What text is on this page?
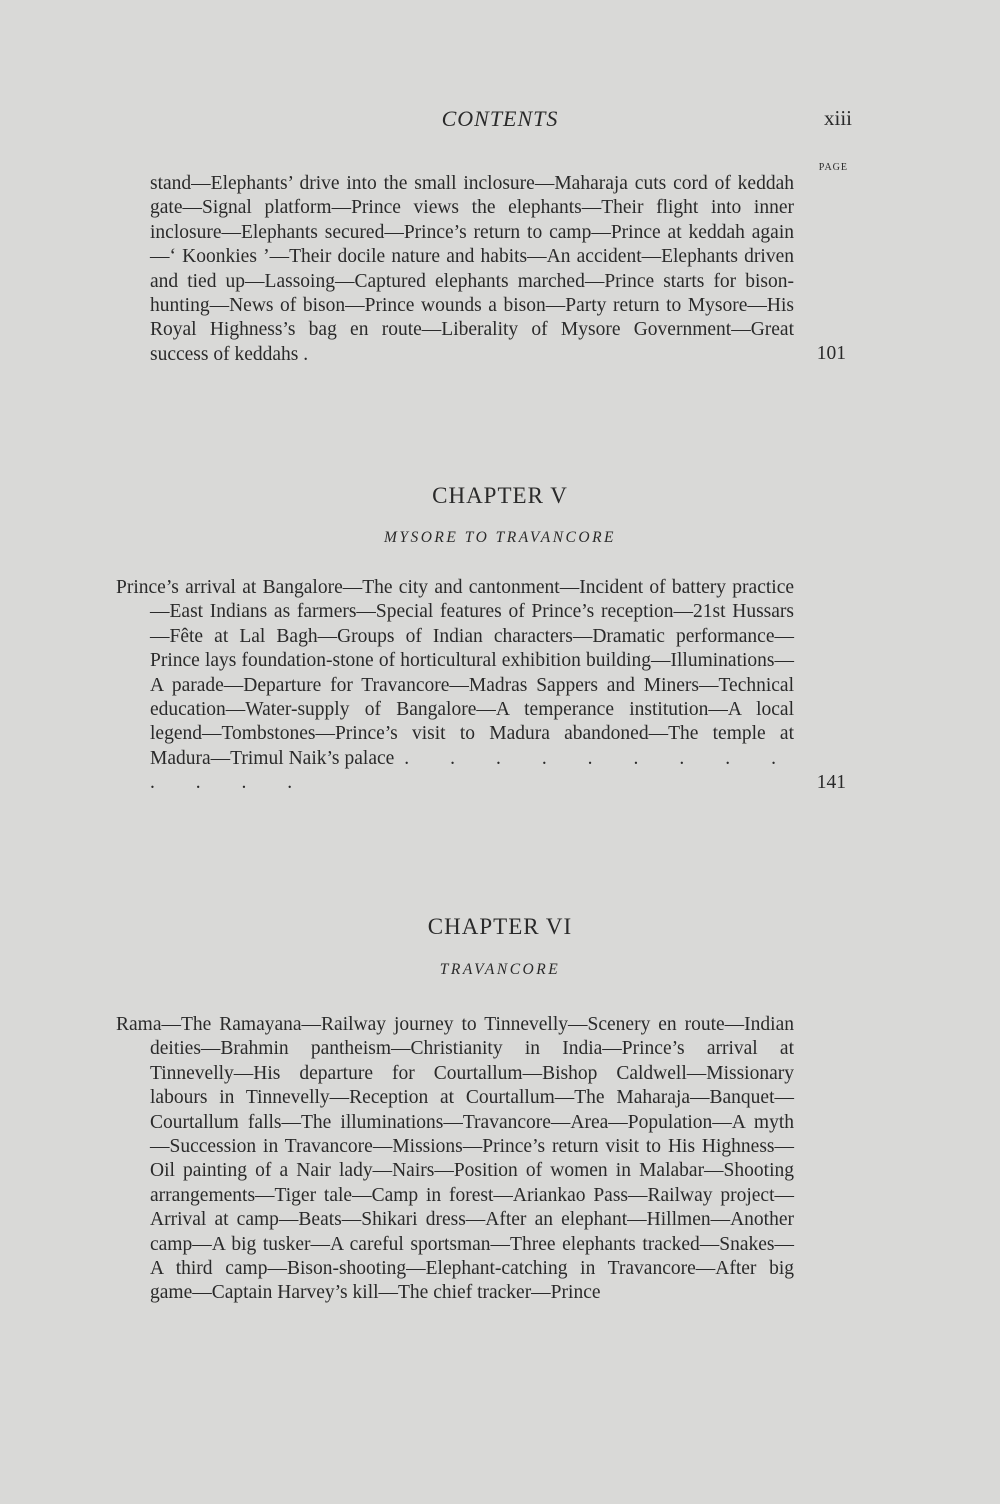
CONTENTS	xiii
PAGE
stand—Elephants’ drive into the small inclosure—Maharaja cuts cord of keddah gate—Signal platform—Prince views the elephants—Their flight into inner inclosure—Elephants secured—Prince’s return to camp—Prince at keddah again—‘ Koonkies ’—Their docile nature and habits—An accident—Elephants driven and tied up—Lassoing—Captured elephants marched—Prince starts for bison-hunting—News of bison—Prince wounds a bison—Party return to Mysore—His Royal Highness’s bag en route—Liberality of Mysore Government—Great success of keddahs .	101
CHAPTER V
MYSORE TO TRAVANCORE
Prince’s arrival at Bangalore—The city and cantonment—Incident of battery practice—East Indians as farmers—Special features of Prince’s reception—21st Hussars—Fête at Lal Bagh—Groups of Indian characters—Dramatic performance—Prince lays foundation-stone of horticultural exhibition building—Illuminations—A parade—Departure for Travancore—Madras Sappers and Miners—Technical education—Water-supply of Bangalore—A temperance institution—A local legend—Tombstones—Prince’s visit to Madura abandoned—The temple at Madura—Trimul Naik’s palace . . . . . . . . . . . . .	141
CHAPTER VI
TRAVANCORE
Rama—The Ramayana—Railway journey to Tinnevelly—Scenery en route—Indian deities—Brahmin pantheism—Christianity in India—Prince’s arrival at Tinnevelly—His departure for Courtallum—Bishop Caldwell—Missionary labours in Tinnevelly—Reception at Courtallum—The Maharaja—Banquet—Courtallum falls—The illuminations—Travancore—Area—Population—A myth—Succession in Travancore—Missions—Prince’s return visit to His Highness—Oil painting of a Nair lady—Nairs—Position of women in Malabar—Shooting arrangements—Tiger tale—Camp in forest—Ariankao Pass—Railway project—Arrival at camp—Beats—Shikari dress—After an elephant—Hillmen—Another camp—A big tusker—A careful sportsman—Three elephants tracked—Snakes—A third camp—Bison-shooting—Elephant-catching in Travancore—After big game—Captain Harvey’s kill—The chief tracker—Prince
